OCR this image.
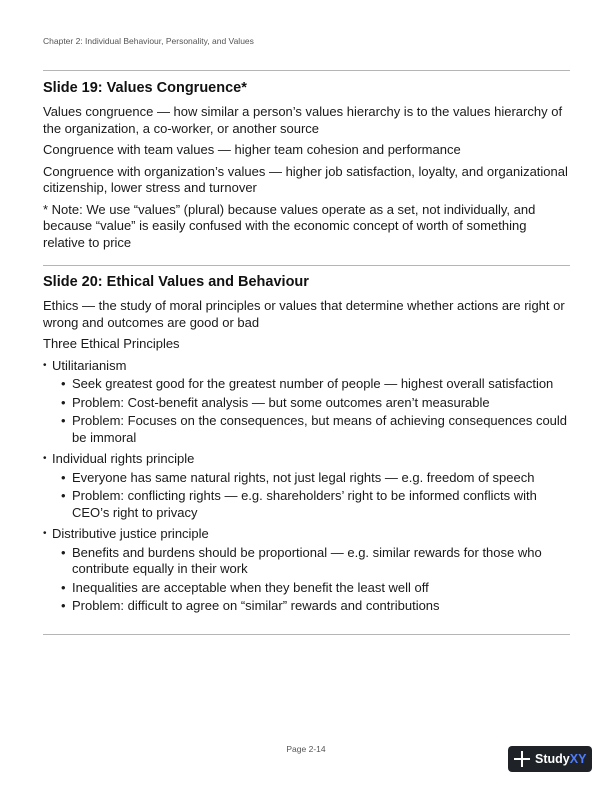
Chapter 2: Individual Behaviour, Personality, and Values
Slide 19: Values Congruence*

Values congruence — how similar a person’s values hierarchy is to the values hierarchy of the organization, a co-worker, or another source

Congruence with team values — higher team cohesion and performance

Congruence with organization’s values — higher job satisfaction, loyalty, and organizational citizenship, lower stress and turnover

* Note: We use “values” (plural) because values operate as a set, not individually, and because “value” is easily confused with the economic concept of worth of something relative to price

Slide 20: Ethical Values and Behaviour

Ethics — the study of moral principles or values that determine whether actions are right or wrong and outcomes are good or bad

Three Ethical Principles

• Utilitarianism
• Seek greatest good for the greatest number of people — highest overall satisfaction
• Problem: Cost-benefit analysis — but some outcomes aren’t measurable
• Problem: Focuses on the consequences, but means of achieving consequences could be immoral
• Individual rights principle
• Everyone has same natural rights, not just legal rights — e.g. freedom of speech
• Problem: conflicting rights — e.g. shareholders’ right to be informed conflicts with CEO’s right to privacy
• Distributive justice principle
• Benefits and burdens should be proportional — e.g. similar rewards for those who contribute equally in their work
• Inequalities are acceptable when they benefit the least well off
• Problem: difficult to agree on “similar” rewards and contributions
Page 2-14
StudyXY
